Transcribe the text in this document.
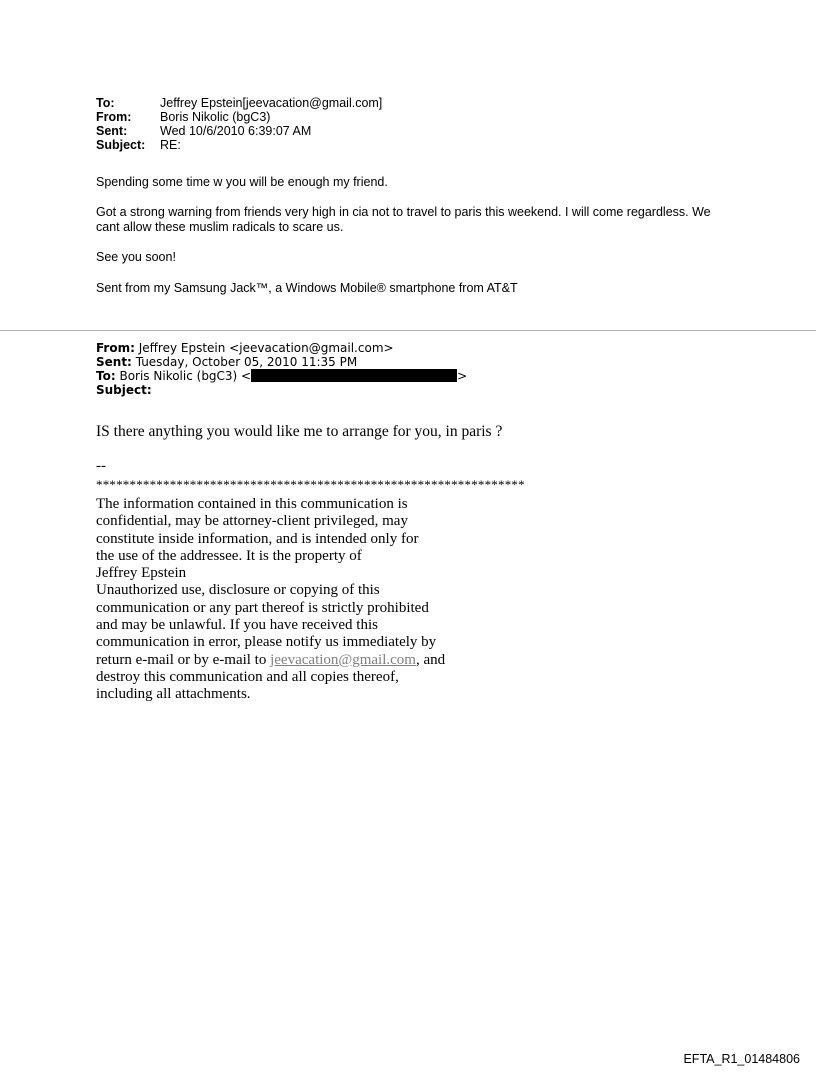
To:	Jeffrey Epstein[jeevacation@gmail.com]
From:	Boris Nikolic (bgC3)
Sent:	Wed 10/6/2010 6:39:07 AM
Subject:	RE:
Spending some time w you will be enough my friend.
Got a strong warning from friends very high in cia not to travel to paris this weekend. I will come regardless. We cant allow these muslim radicals to scare us.
See you soon!
Sent from my Samsung Jack™, a Windows Mobile® smartphone from AT&T
From: Jeffrey Epstein <jeevacation@gmail.com>
Sent: Tuesday, October 05, 2010 11:35 PM
To: Boris Nikolic (bgC3) <	>
Subject:
IS there anything you would like me to arrange for you, in paris ?
--
****************************************************************
The information contained in this communication is
confidential, may be attorney-client privileged, may
constitute inside information, and is intended only for
the use of the addressee. It is the property of
Jeffrey Epstein
Unauthorized use, disclosure or copying of this
communication or any part thereof is strictly prohibited
and may be unlawful. If you have received this
communication in error, please notify us immediately by
return e-mail or by e-mail to jeevacation@gmail.com, and
destroy this communication and all copies thereof,
including all attachments.
EFTA_R1_01484806
